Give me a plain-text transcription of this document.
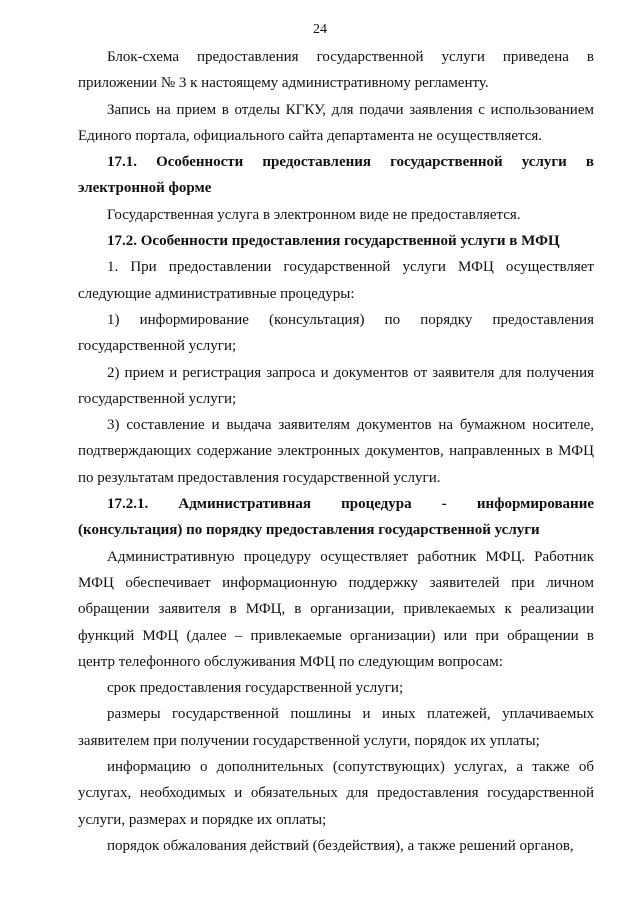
24

Блок-схема предоставления государственной услуги приведена в приложении № 3 к настоящему административному регламенту.

Запись на прием в отделы КГКУ, для подачи заявления с использованием Единого портала, официального сайта департамента не осуществляется.

17.1. Особенности предоставления государственной услуги в электронной форме

Государственная услуга в электронном виде не предоставляется.

17.2. Особенности предоставления государственной услуги в МФЦ

1. При предоставлении государственной услуги МФЦ осуществляет следующие административные процедуры:

1) информирование (консультация) по порядку предоставления государственной услуги;

2) прием и регистрация запроса и документов от заявителя для получения государственной услуги;

3) составление и выдача заявителям документов на бумажном носителе, подтверждающих содержание электронных документов, направленных в МФЦ по результатам предоставления государственной услуги.

17.2.1. Административная процедура - информирование (консультация) по порядку предоставления государственной услуги

Административную процедуру осуществляет работник МФЦ. Работник МФЦ обеспечивает информационную поддержку заявителей при личном обращении заявителя в МФЦ, в организации, привлекаемых к реализации функций МФЦ (далее – привлекаемые организации) или при обращении в центр телефонного обслуживания МФЦ по следующим вопросам:

срок предоставления государственной услуги;

размеры государственной пошлины и иных платежей, уплачиваемых заявителем при получении государственной услуги, порядок их уплаты;

информацию о дополнительных (сопутствующих) услугах, а также об услугах, необходимых и обязательных для предоставления государственной услуги, размерах и порядке их оплаты;

порядок обжалования действий (бездействия), а также решений органов,
